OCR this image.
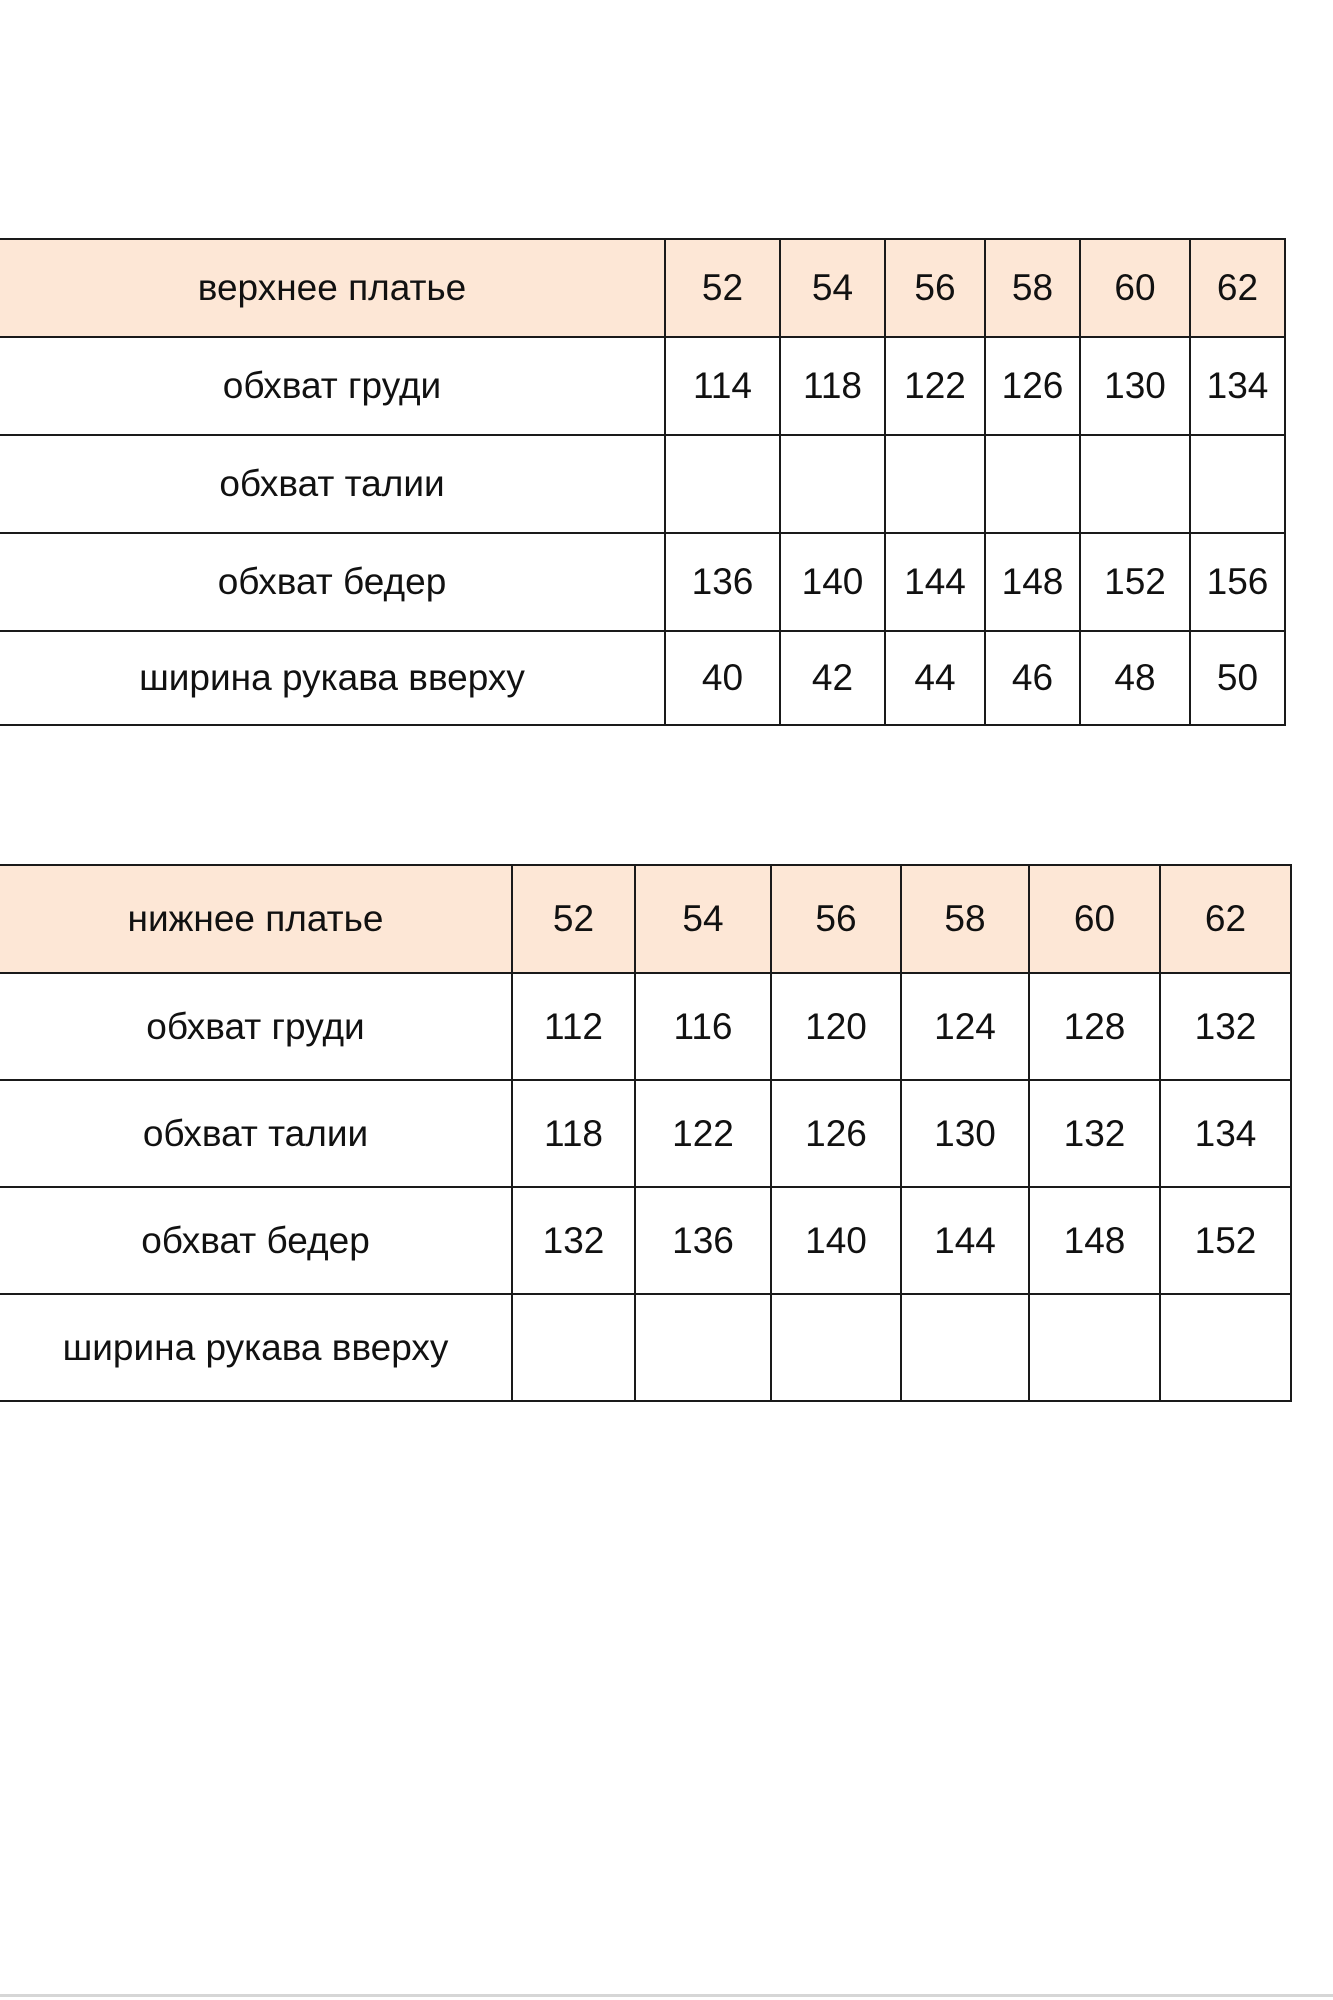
верхнее платье	52	54	56	58	60	62
обхват груди	114	118	122	126	130	134
обхват талии						
обхват бедер	136	140	144	148	152	156
ширина рукава вверху	40	42	44	46	48	50
нижнее платье	52	54	56	58	60	62
обхват груди	112	116	120	124	128	132
обхват талии	118	122	126	130	132	134
обхват бедер	132	136	140	144	148	152
ширина рукава вверху						
